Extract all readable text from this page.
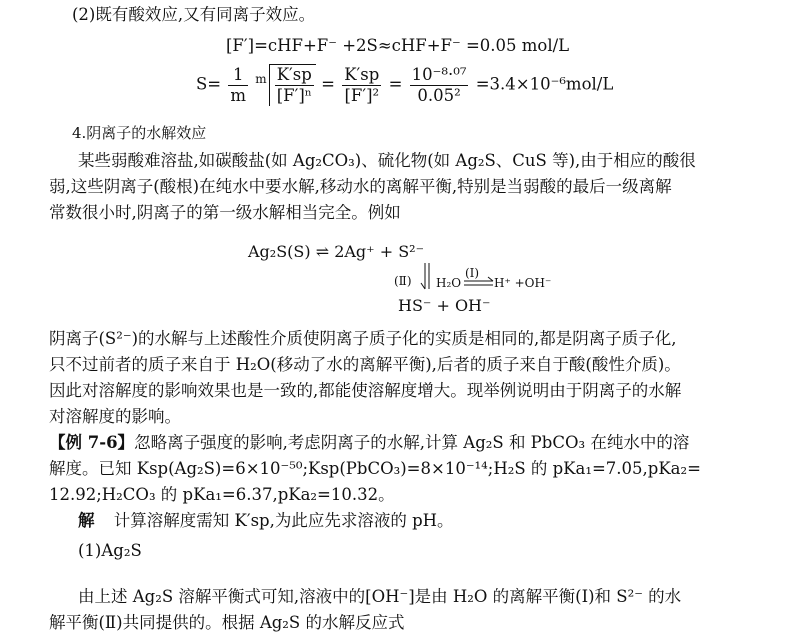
(2)既有酸效应,又有同离子效应。
[F′]=cHF+F⁻ +2S≈cHF+F⁻ =0.05 mol/L
$S= \frac{1}{m} ^m \frac{K'sp}{\text{[F′]ⁿ}} = \frac{K'sp}{\text{[F′]²}} = \frac{\text{10⁻⁸·⁰⁷}}{\text{0.05²}} =3.4\times 10^{-6}mol/L$
4.阴离子的水解效应
某些弱酸难溶盐,如碳酸盐(如 Ag₂CO₃)、硫化物(如 Ag₂S、CuS 等),由于相应的酸很
弱,这些阴离子(酸根)在纯水中要水解,移动水的离解平衡,特别是当弱酸的最后一级离解
常数很小时,阴离子的第一级水解相当完全。例如
Ag₂S(S) ⇌ 2Ag⁺ + S²⁻
(Ⅱ) H₂O
(Ⅰ)
H⁺ +OH⁻
HS⁻ + OH⁻
阴离子(S²⁻)的水解与上述酸性介质使阴离子质子化的实质是相同的,都是阴离子质子化,
只不过前者的质子来自于 H₂O(移动了水的离解平衡),后者的质子来自于酸(酸性介质)。
因此对溶解度的影响效果也是一致的,都能使溶解度增大。现举例说明由于阴离子的水解
对溶解度的影响。
【例 7-6】忽略离子强度的影响,考虑阴离子的水解,计算 Ag₂S 和 PbCO₃ 在纯水中的溶
解度。已知 Ksp(Ag₂S)=6×10⁻⁵⁰;Ksp(PbCO₃)=8×10⁻¹⁴;H₂S 的 pKa₁=7.05,pKa₂=
12.92;H₂CO₃ 的 pKa₁=6.37,pKa₂=10.32。
解 计算溶解度需知 K′sp,为此应先求溶液的 pH。
(1)Ag₂S
由上述 Ag₂S 溶解平衡式可知,溶液中的[OH⁻]是由 H₂O 的离解平衡(Ⅰ)和 S²⁻ 的水
解平衡(Ⅱ)共同提供的。根据 Ag₂S 的水解反应式
